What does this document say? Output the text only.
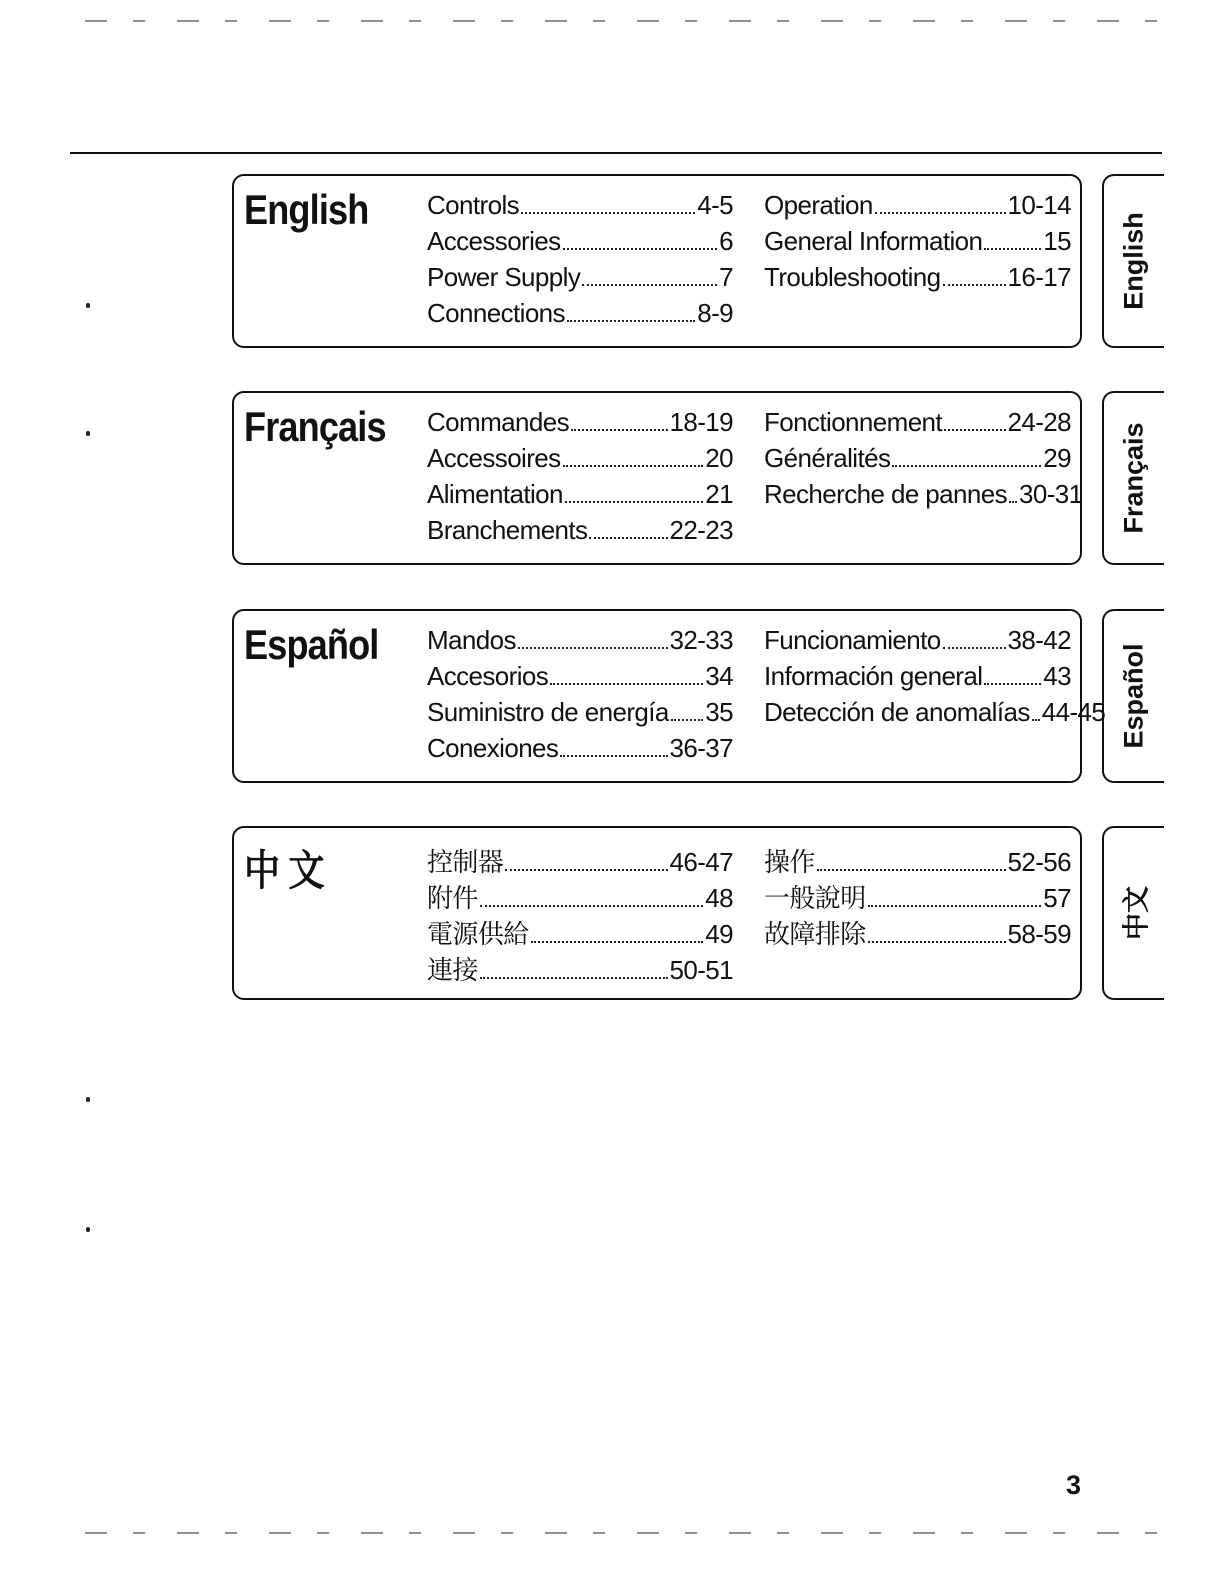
English Controls	4-5
Accessories	6
Power Supply	7
Connections	8-9
Operation	10-14
General Information 15
Troubleshooting	16-17 English
Français Commandes	18-19
Accessoires	20
Alimentation	21
Branchements	22-23
Fonctionnement	24-28
Généralités	29
Recherche de pannes 30-31 Français
Español Mandos	32-33
Accesorios	34
Suministro de energía 35
Conexiones	36-37
Funcionamiento	38-42
Información general 43
Detección de anomalías 44-45 Español
中 文	控制器	46-47
附件	48
電源供給	49
連接	50-51
操作	52-56
一般說明	57
故障排除	58-59 中文
3
